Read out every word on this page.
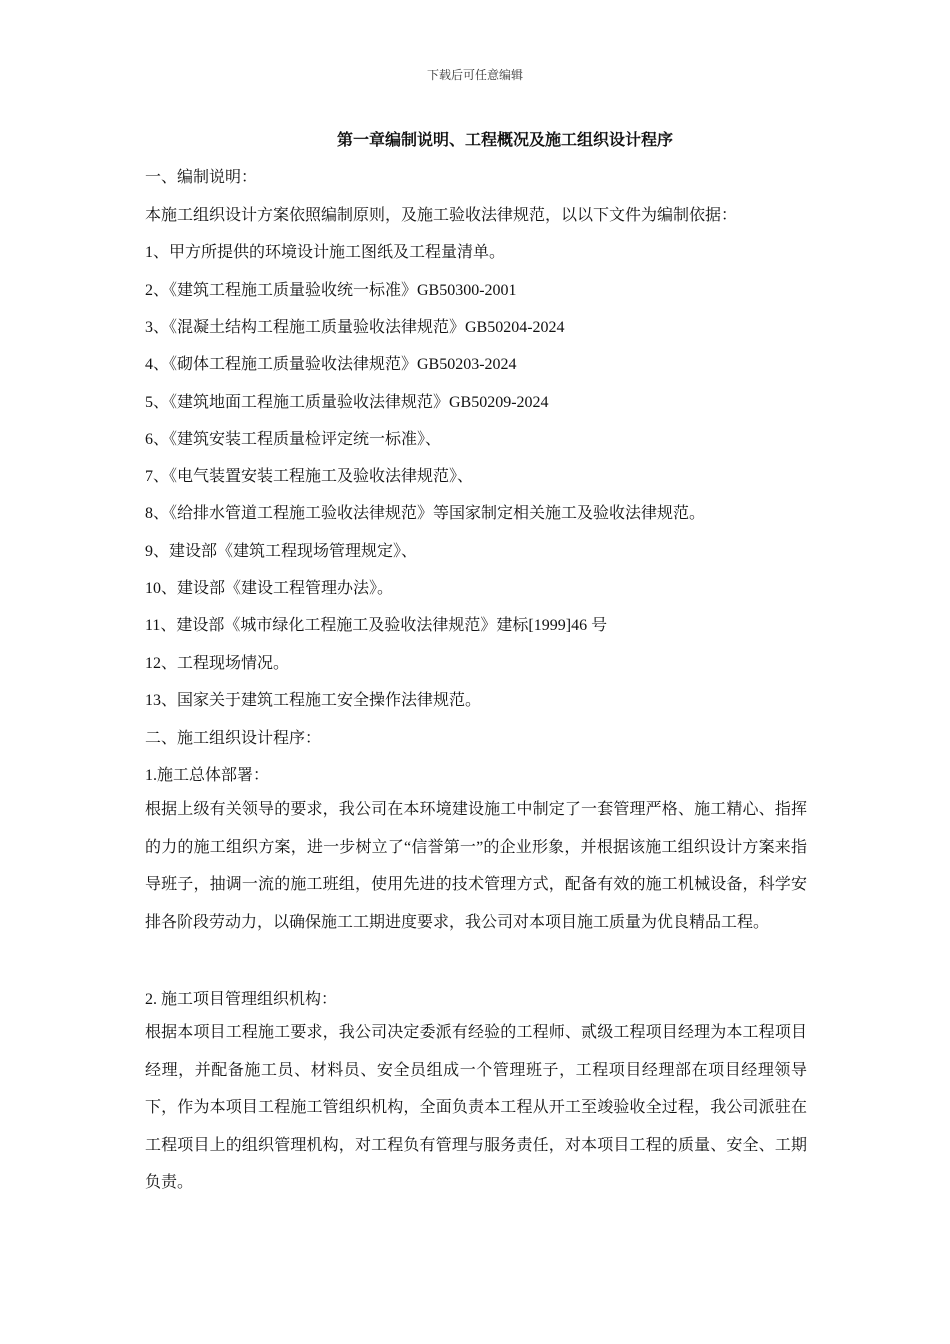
下载后可任意编辑
第一章编制说明、工程概况及施工组织设计程序
一、编制说明：
本施工组织设计方案依照编制原则，及施工验收法律规范，以以下文件为编制依据：
1、甲方所提供的环境设计施工图纸及工程量清单。
2、《建筑工程施工质量验收统一标准》GB50300-2001
3、《混凝土结构工程施工质量验收法律规范》GB50204-2024
4、《砌体工程施工质量验收法律规范》GB50203-2024
5、《建筑地面工程施工质量验收法律规范》GB50209-2024
6、《建筑安装工程质量检评定统一标准》、
7、《电气装置安装工程施工及验收法律规范》、
8、《给排水管道工程施工验收法律规范》等国家制定相关施工及验收法律规范。
9、建设部《建筑工程现场管理规定》、
10、建设部《建设工程管理办法》。
11、建设部《城市绿化工程施工及验收法律规范》建标[1999]46 号
12、工程现场情况。
13、国家关于建筑工程施工安全操作法律规范。
二、施工组织设计程序：
1.施工总体部署：
根据上级有关领导的要求，我公司在本环境建设施工中制定了一套管理严格、施工精心、指挥的力的施工组织方案，进一步树立了“信誉第一”的企业形象，并根据该施工组织设计方案来指导班子，抽调一流的施工班组，使用先进的技术管理方式，配备有效的施工机械设备，科学安排各阶段劳动力，以确保施工工期进度要求，我公司对本项目施工质量为优良精品工程。
2. 施工项目管理组织机构：
根据本项目工程施工要求，我公司决定委派有经验的工程师、贰级工程项目经理为本工程项目经理，并配备施工员、材料员、安全员组成一个管理班子，工程项目经理部在项目经理领导下，作为本项目工程施工管组织机构，全面负责本工程从开工至竣验收全过程，我公司派驻在工程项目上的组织管理机构，对工程负有管理与服务责任，对本项目工程的质量、安全、工期负责。
